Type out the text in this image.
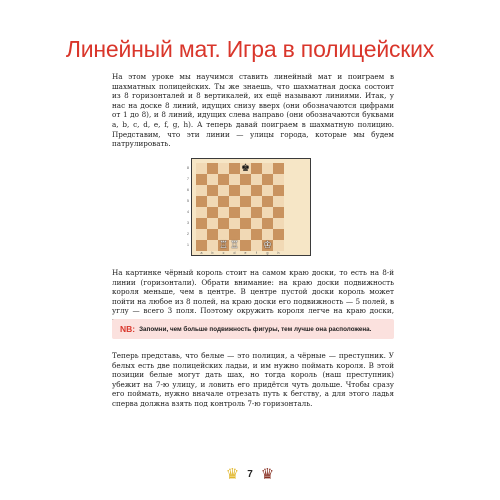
Линейный мат. Игра в полицейских

На этом уроке мы научимся ставить линейный мат и поиграем в шахматных полицейских. Ты же знаешь, что шахматная доска состоит из 8 горизонталей и 8 вертикалей, их ещё называют линиями. Итак, у нас на доске 8 линий, идущих снизу вверх (они обозначаются цифрами от 1 до 8), и 8 линий, идущих слева направо (они обозначаются буквами a, b, c, d, e, f, g, h). А теперь давай поиграем в шахматную полицию. Представим, что эти линии — улицы города, которые мы будем патрулировать.

8
7
6
5
4
3
2
1
♚
♖ ♖ ♔
a	b	c	d	e	f	g	h

На картинке чёрный король стоит на самом краю доски, то есть на 8-й линии (горизонтали). Обрати внимание: на краю доски подвижность короля меньше, чем в центре. В центре пустой доски король может пойти на любое из 8 полей, на краю доски его подвижность — 5 полей, в углу — всего 3 поля. Поэтому окружить короля легче на краю доски,

NB: Запомни, чем больше подвижность фигуры, тем лучше она расположена.

Теперь представь, что белые — это полиция, а чёрные — преступник. У белых есть две полицейских ладьи, и им нужно поймать короля. В этой позиции белые могут дать шах, но тогда король (наш преступник) убежит на 7-ю улицу, и ловить его придётся чуть дольше. Чтобы сразу его поймать, нужно вначале отрезать путь к бегству, а для этого ладья сперва должна взять под контроль 7-ю горизонталь.

♛ 7 ♛
